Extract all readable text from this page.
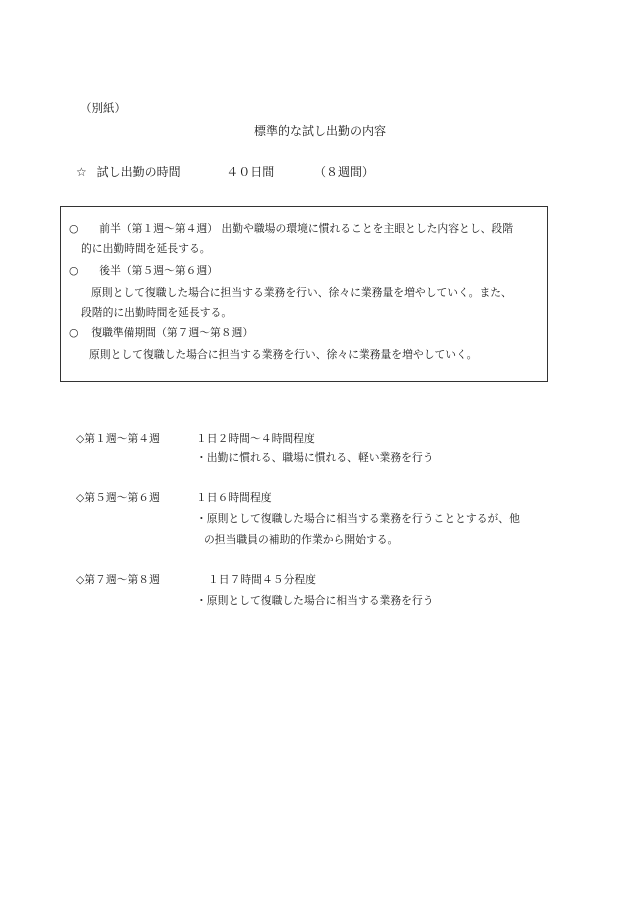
（別紙）
標準的な試し出勤の内容
☆ 試し出勤の時間	４０日間	（８週間）
○ 前半（第１週～第４週） 出勤や職場の環境に慣れることを主眼とした内容とし、段階
的に出勤時間を延長する。
○ 後半（第５週～第６週）
原則として復職した場合に担当する業務を行い、徐々に業務量を増やしていく。また、
段階的に出勤時間を延長する。
○ 復職準備期間（第７週～第８週）
原則として復職した場合に担当する業務を行い、徐々に業務量を増やしていく。
◇第１週～第４週	１日２時間～４時間程度
・出勤に慣れる、職場に慣れる、軽い業務を行う
◇第５週～第６週	１日６時間程度
・原則として復職した場合に相当する業務を行うこととするが、他
の担当職員の補助的作業から開始する。
◇第７週～第８週	１日７時間４５分程度
・原則として復職した場合に相当する業務を行う
